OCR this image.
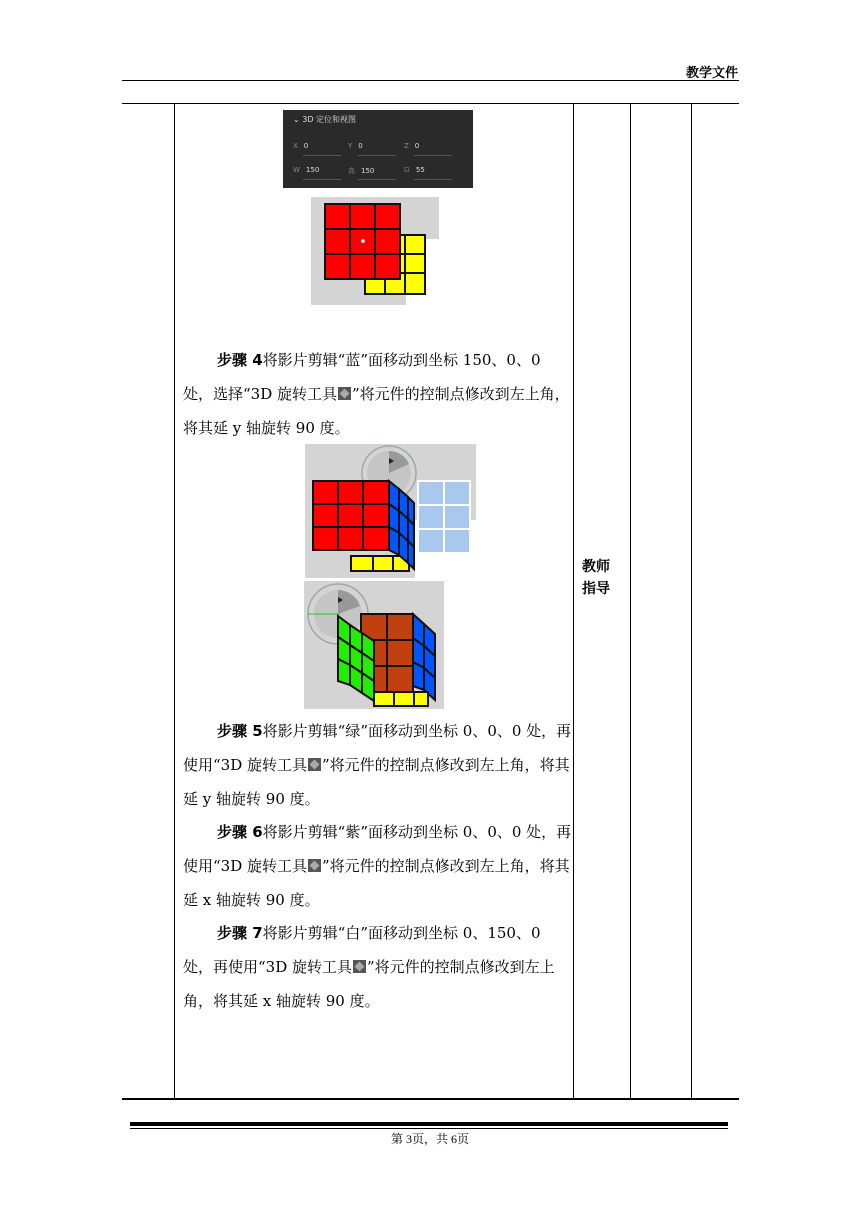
教学文件
⌄ 3D 定位和视图
X 0	Y 0	Z 0
W 150	高 150	⊡ 55
步骤 4将影片剪辑“蓝”面移动到坐标 150、0、0 处，选择“3D 旋转工具 ”将元件的控制点修改到左上角，将其延 y 轴旋转 90 度。
步骤 5将影片剪辑“绿”面移动到坐标 0、0、0 处，再使用“3D 旋转工具 ”将元件的控制点修改到左上角，将其延 y 轴旋转 90 度。
步骤 6将影片剪辑“紫”面移动到坐标 0、0、0 处，再使用“3D 旋转工具 ”将元件的控制点修改到左上角，将其延 x 轴旋转 90 度。
步骤 7将影片剪辑“白”面移动到坐标 0、150、0 处，再使用“3D 旋转工具 ”将元件的控制点修改到左上角，将其延 x 轴旋转 90 度。
教师
指导
第 3页，共 6页
